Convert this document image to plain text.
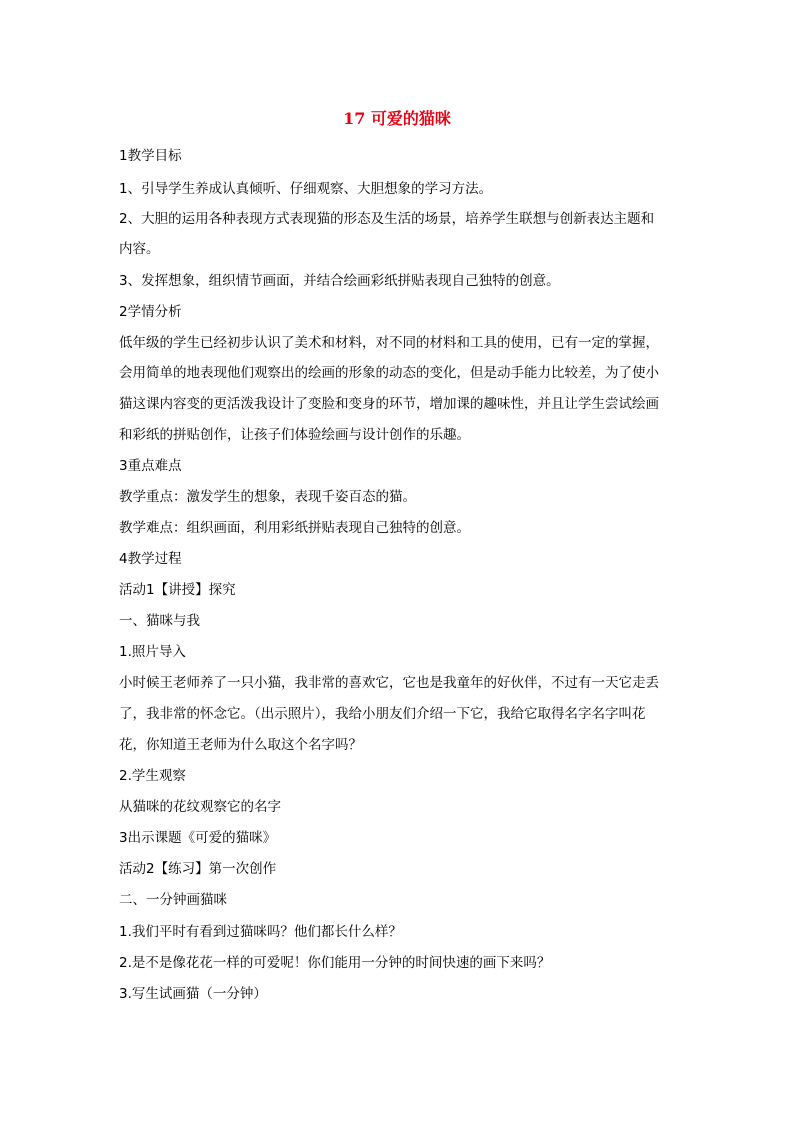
17 可爱的猫咪
1教学目标
1、引导学生养成认真倾听、仔细观察、大胆想象的学习方法。
2、大胆的运用各种表现方式表现猫的形态及生活的场景，培养学生联想与创新表达主题和
内容。
3、发挥想象，组织情节画面，并结合绘画彩纸拼贴表现自己独特的创意。
2学情分析
低年级的学生已经初步认识了美术和材料，对不同的材料和工具的使用，已有一定的掌握，
会用简单的地表现他们观察出的绘画的形象的动态的变化，但是动手能力比较差，为了使小
猫这课内容变的更活泼我设计了变脸和变身的环节，增加课的趣味性，并且让学生尝试绘画
和彩纸的拼贴创作，让孩子们体验绘画与设计创作的乐趣。
3重点难点
教学重点：激发学生的想象，表现千姿百态的猫。
教学难点：组织画面，利用彩纸拼贴表现自己独特的创意。
4教学过程
活动1【讲授】探究
一、猫咪与我
1.照片导入
小时候王老师养了一只小猫，我非常的喜欢它，它也是我童年的好伙伴，不过有一天它走丢
了，我非常的怀念它。（出示照片），我给小朋友们介绍一下它，我给它取得名字名字叫花
花，你知道王老师为什么取这个名字吗？
2.学生观察
从猫咪的花纹观察它的名字
3出示课题《可爱的猫咪》
活动2【练习】第一次创作
二、一分钟画猫咪
1.我们平时有看到过猫咪吗？他们都长什么样？
2.是不是像花花一样的可爱呢！你们能用一分钟的时间快速的画下来吗？
3.写生试画猫（一分钟）
